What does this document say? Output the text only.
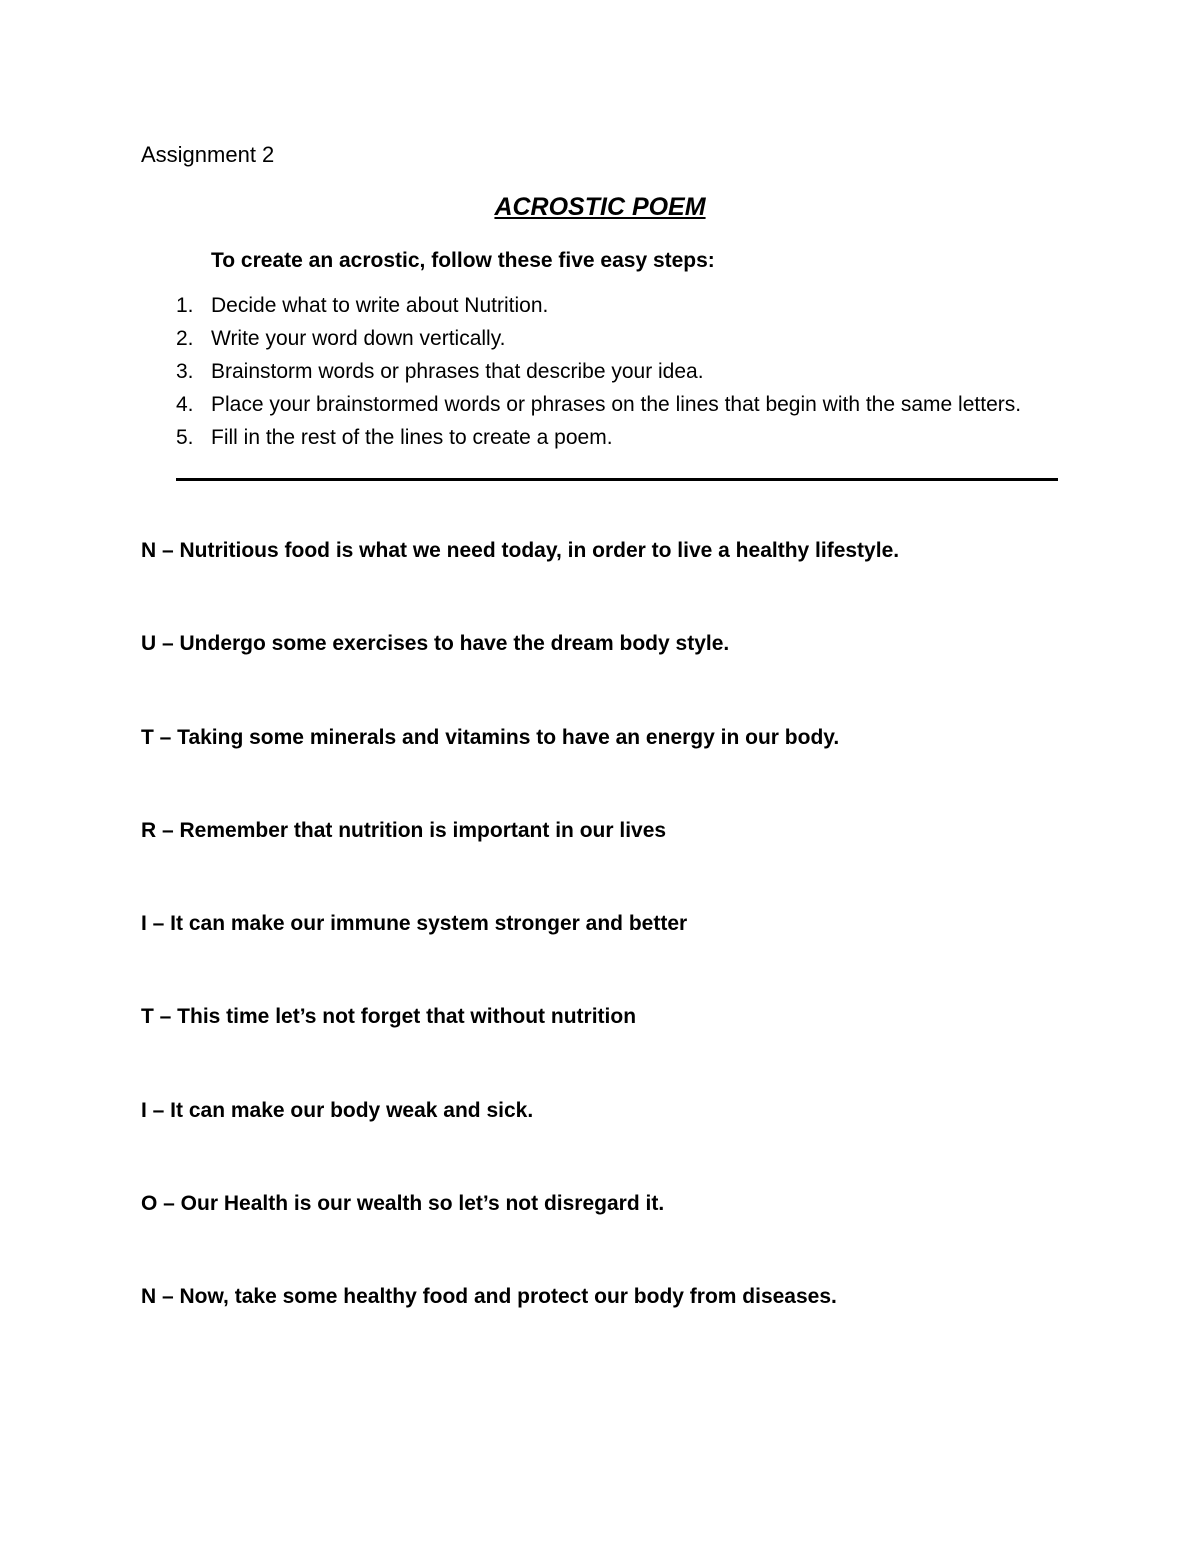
Assignment 2
ACROSTIC POEM
To create an acrostic, follow these five easy steps:
1. Decide what to write about Nutrition.
2. Write your word down vertically.
3. Brainstorm words or phrases that describe your idea.
4. Place your brainstormed words or phrases on the lines that begin with the same letters.
5. Fill in the rest of the lines to create a poem.
N – Nutritious food is what we need today, in order to live a healthy lifestyle.
U – Undergo some exercises to have the dream body style.
T – Taking some minerals and vitamins to have an energy in our body.
R – Remember that nutrition is important in our lives
I – It can make our immune system stronger and better
T – This time let’s not forget that without nutrition
I – It can make our body weak and sick.
O – Our Health is our wealth so let’s not disregard it.
N – Now, take some healthy food and protect our body from diseases.
